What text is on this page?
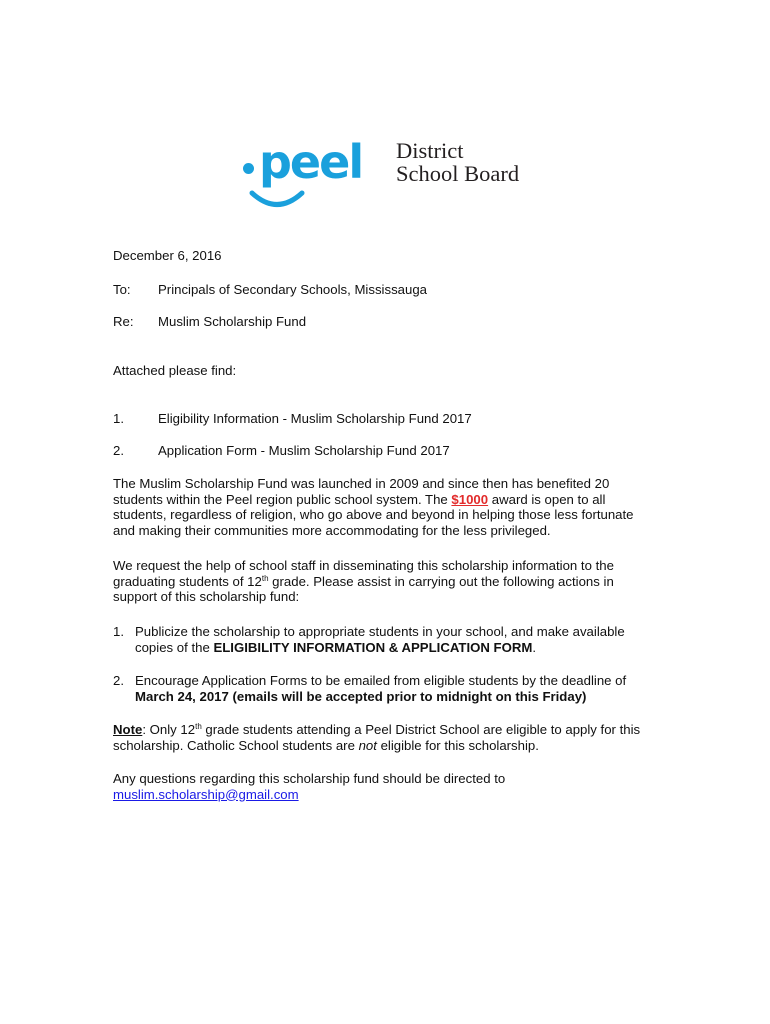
peel District
School Board
December 6, 2016
To: Principals of Secondary Schools, Mississauga
Re: Muslim Scholarship Fund
Attached please find:
1.	Eligibility Information - Muslim Scholarship Fund 2017
2.	Application Form - Muslim Scholarship Fund 2017
The Muslim Scholarship Fund was launched in 2009 and since then has benefited 20 students within the Peel region public school system. The $1000 award is open to all students, regardless of religion, who go above and beyond in helping those less fortunate and making their communities more accommodating for the less privileged.
We request the help of school staff in disseminating this scholarship information to the graduating students of 12th grade. Please assist in carrying out the following actions in support of this scholarship fund:
1. Publicize the scholarship to appropriate students in your school, and make available copies of the ELIGIBILITY INFORMATION & APPLICATION FORM.
2. Encourage Application Forms to be emailed from eligible students by the deadline of March 24, 2017 (emails will be accepted prior to midnight on this Friday)
Note: Only 12th grade students attending a Peel District School are eligible to apply for this scholarship. Catholic School students are not eligible for this scholarship.
Any questions regarding this scholarship fund should be directed to
muslim.scholarship@gmail.com
